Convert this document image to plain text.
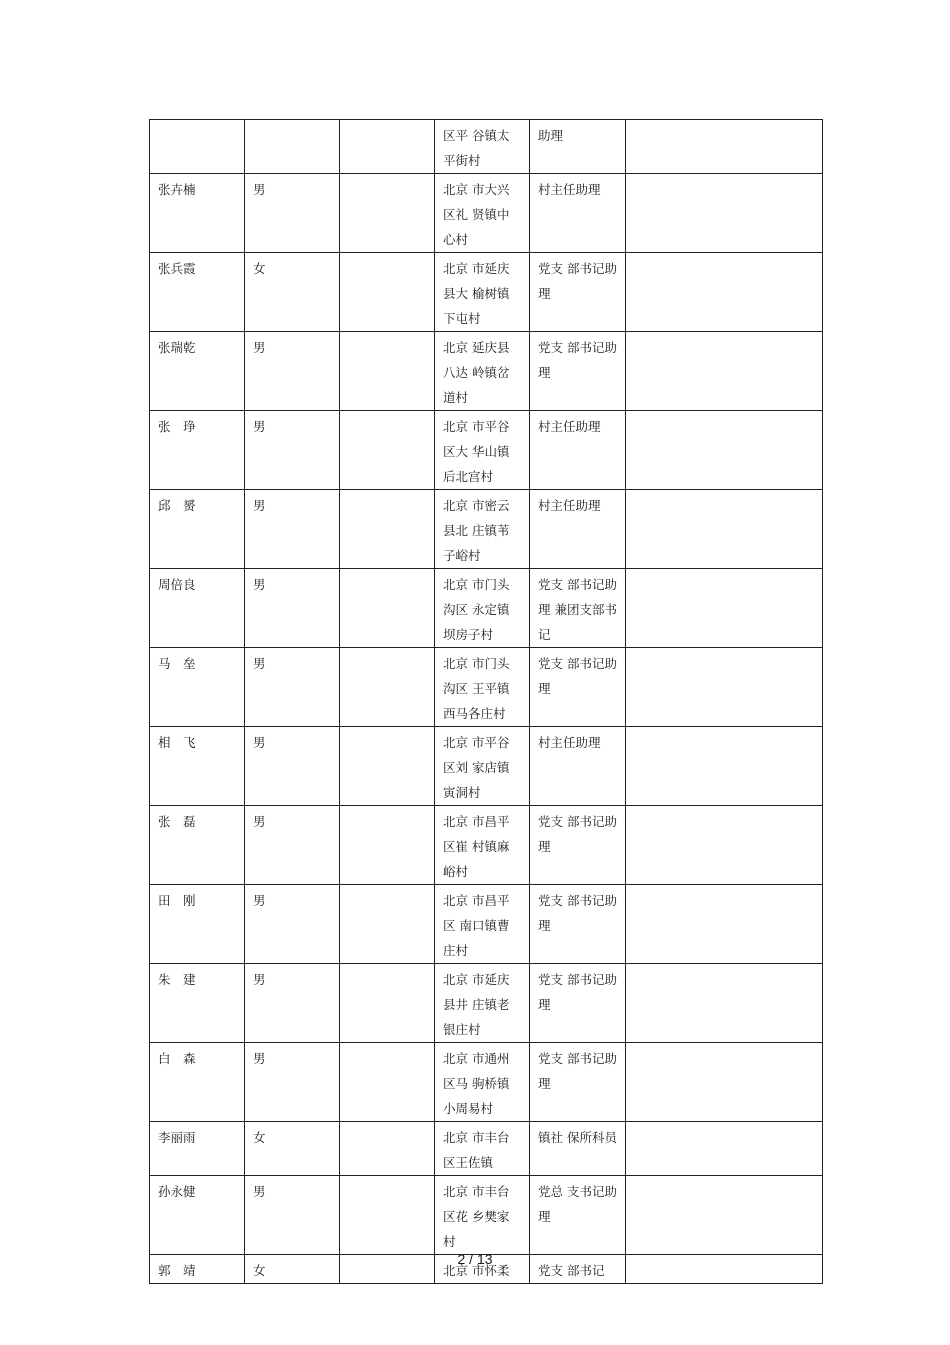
			区平 谷镇太平街村	助理	
张卉楠	男		北京 市大兴区礼 贤镇中心村	村主任助理	
张兵霞	女		北京 市延庆县大 榆树镇下屯村	党支 部书记助理	
张瑞乾	男		北京 延庆县八达 岭镇岔道村	党支 部书记助理	
张　琤	男		北京 市平谷区大 华山镇后北宫村	村主任助理	
邱　赟	男		北京 市密云县北 庄镇苇子峪村	村主任助理	
周倍良	男		北京 市门头沟区 永定镇坝房子村	党支 部书记助理 兼团支部书记	
马　垒	男		北京 市门头沟区 王平镇西马各庄村	党支 部书记助理	
相　飞	男		北京 市平谷区刘 家店镇寅洞村	村主任助理	
张　磊	男		北京 市昌平区崔 村镇麻峪村	党支 部书记助理	
田　刚	男		北京 市昌平区 南口镇曹庄村	党支 部书记助理	
朱　建	男		北京 市延庆县井 庄镇老银庄村	党支 部书记助理	
白　森	男		北京 市通州区马 驹桥镇小周易村	党支 部书记助理	
李丽雨	女		北京 市丰台区王佐镇	镇社 保所科员	
孙永健	男		北京 市丰台区花 乡樊家村	党总 支书记助理	
郭　靖	女		北京 市怀柔	党支 部书记	
2 / 13
